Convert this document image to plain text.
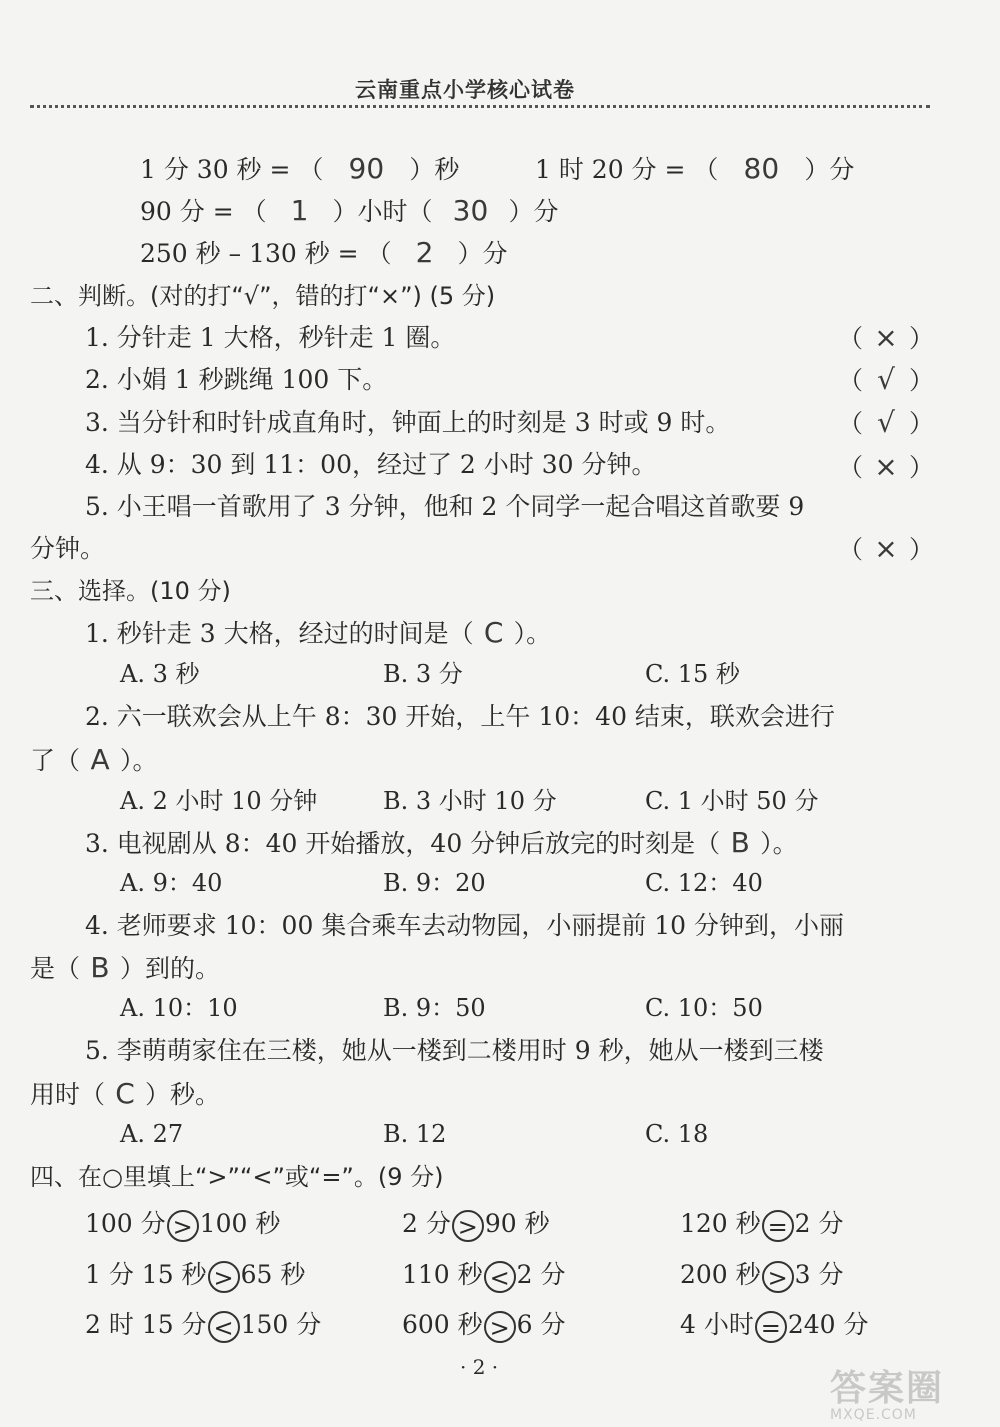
云南重点小学核心试卷
1 分 30 秒 = （ 90 ）秒	1 时 20 分 = （ 80 ）分
90 分 = （ 1 ）小时（ 30 ）分
250 秒 – 130 秒 = （ 2 ）分
二、判断。(对的打“√”，错的打“×”) (5 分)
1. 分针走 1 大格，秒针走 1 圈。	（ × ）
2. 小娟 1 秒跳绳 100 下。	（ √ ）
3. 当分针和时针成直角时，钟面上的时刻是 3 时或 9 时。	（ √ ）
4. 从 9：30 到 11：00，经过了 2 小时 30 分钟。	（ × ）
5. 小王唱一首歌用了 3 分钟，他和 2 个同学一起合唱这首歌要 9
分钟。	（ × ）
三、选择。(10 分)
1. 秒针走 3 大格，经过的时间是（ C ）。
A. 3 秒	B. 3 分	C. 15 秒
2. 六一联欢会从上午 8：30 开始，上午 10：40 结束，联欢会进行
了（ A ）。
A. 2 小时 10 分钟	B. 3 小时 10 分	C. 1 小时 50 分
3. 电视剧从 8：40 开始播放，40 分钟后放完的时刻是（ B ）。
A. 9：40	B. 9：20	C. 12：40
4. 老师要求 10：00 集合乘车去动物园，小丽提前 10 分钟到，小丽
是（ B ）到的。
A. 10：10	B. 9：50	C. 10：50
5. 李萌萌家住在三楼，她从一楼到二楼用时 9 秒，她从一楼到三楼
用时（ C ）秒。
A. 27	B. 12	C. 18
四、在○里填上“>”“<”或“=”。(9 分)
100 分 > 100 秒	2 分 > 90 秒	120 秒 = 2 分
1 分 15 秒 > 65 秒	110 秒 < 2 分	200 秒 > 3 分
2 时 15 分 < 150 分	600 秒 > 6 分	4 小时 = 240 分
· 2 ·
答案圈
MXQE.COM
